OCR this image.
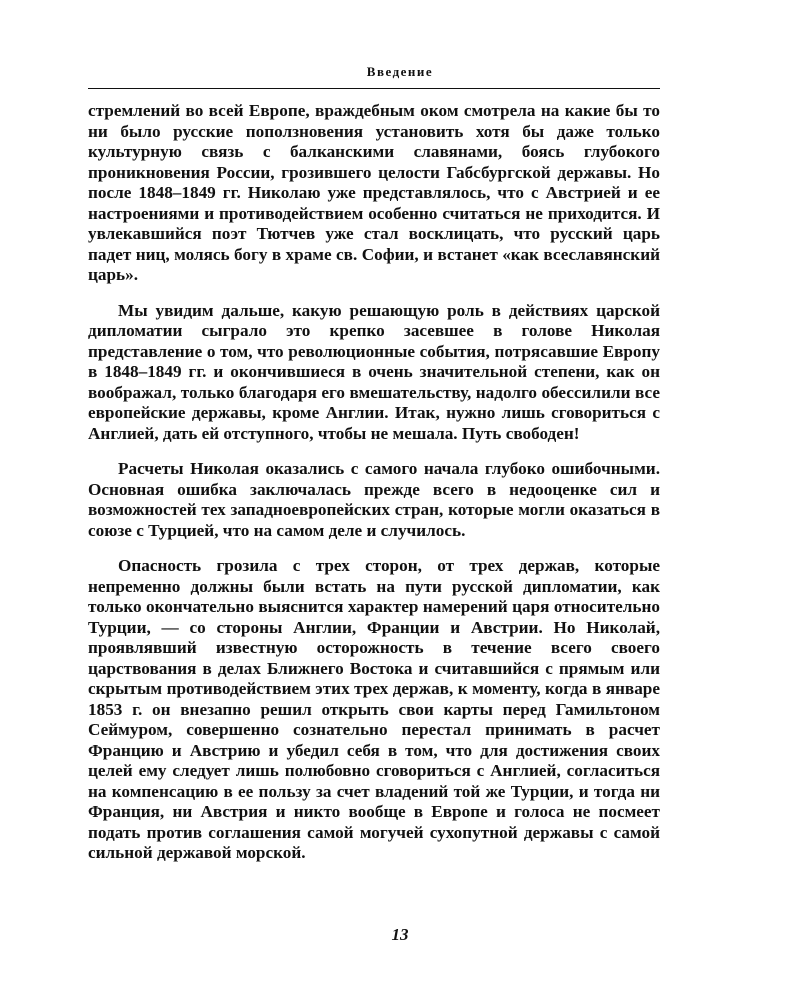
Введение

стремлений во всей Европе, враждебным оком смотрела на какие бы то ни было русские поползновения установить хотя бы даже только культурную связь с балканскими славянами, боясь глубокого проникновения России, грозившего целости Габсбургской державы. Но после 1848–1849 гг. Николаю уже представлялось, что с Австрией и ее настроениями и противодействием особенно считаться не приходится. И увлекавшийся поэт Тютчев уже стал восклицать, что русский царь падет ниц, молясь богу в храме св. Софии, и встанет «как всеславянский царь».

Мы увидим дальше, какую решающую роль в действиях царской дипломатии сыграло это крепко засевшее в голове Николая представление о том, что революционные события, потрясавшие Европу в 1848–1849 гг. и окончившиеся в очень значительной степени, как он воображал, только благодаря его вмешательству, надолго обессилили все европейские державы, кроме Англии. Итак, нужно лишь сговориться с Англией, дать ей отступного, чтобы не мешала. Путь свободен!

Расчеты Николая оказались с самого начала глубоко ошибочными. Основная ошибка заключалась прежде всего в недооценке сил и возможностей тех западноевропейских стран, которые могли оказаться в союзе с Турцией, что на самом деле и случилось.

Опасность грозила с трех сторон, от трех держав, которые непременно должны были встать на пути русской дипломатии, как только окончательно выяснится характер намерений царя относительно Турции, — со стороны Англии, Франции и Австрии. Но Николай, проявлявший известную осторожность в течение всего своего царствования в делах Ближнего Востока и считавшийся с прямым или скрытым противодействием этих трех держав, к моменту, когда в январе 1853 г. он внезапно решил открыть свои карты перед Гамильтоном Сеймуром, совершенно сознательно перестал принимать в расчет Францию и Австрию и убедил себя в том, что для достижения своих целей ему следует лишь полюбовно сговориться с Англией, согласиться на компенсацию в ее пользу за счет владений той же Турции, и тогда ни Франция, ни Австрия и никто вообще в Европе и голоса не посмеет подать против соглашения самой могучей сухопутной державы с самой сильной державой морской.

13
